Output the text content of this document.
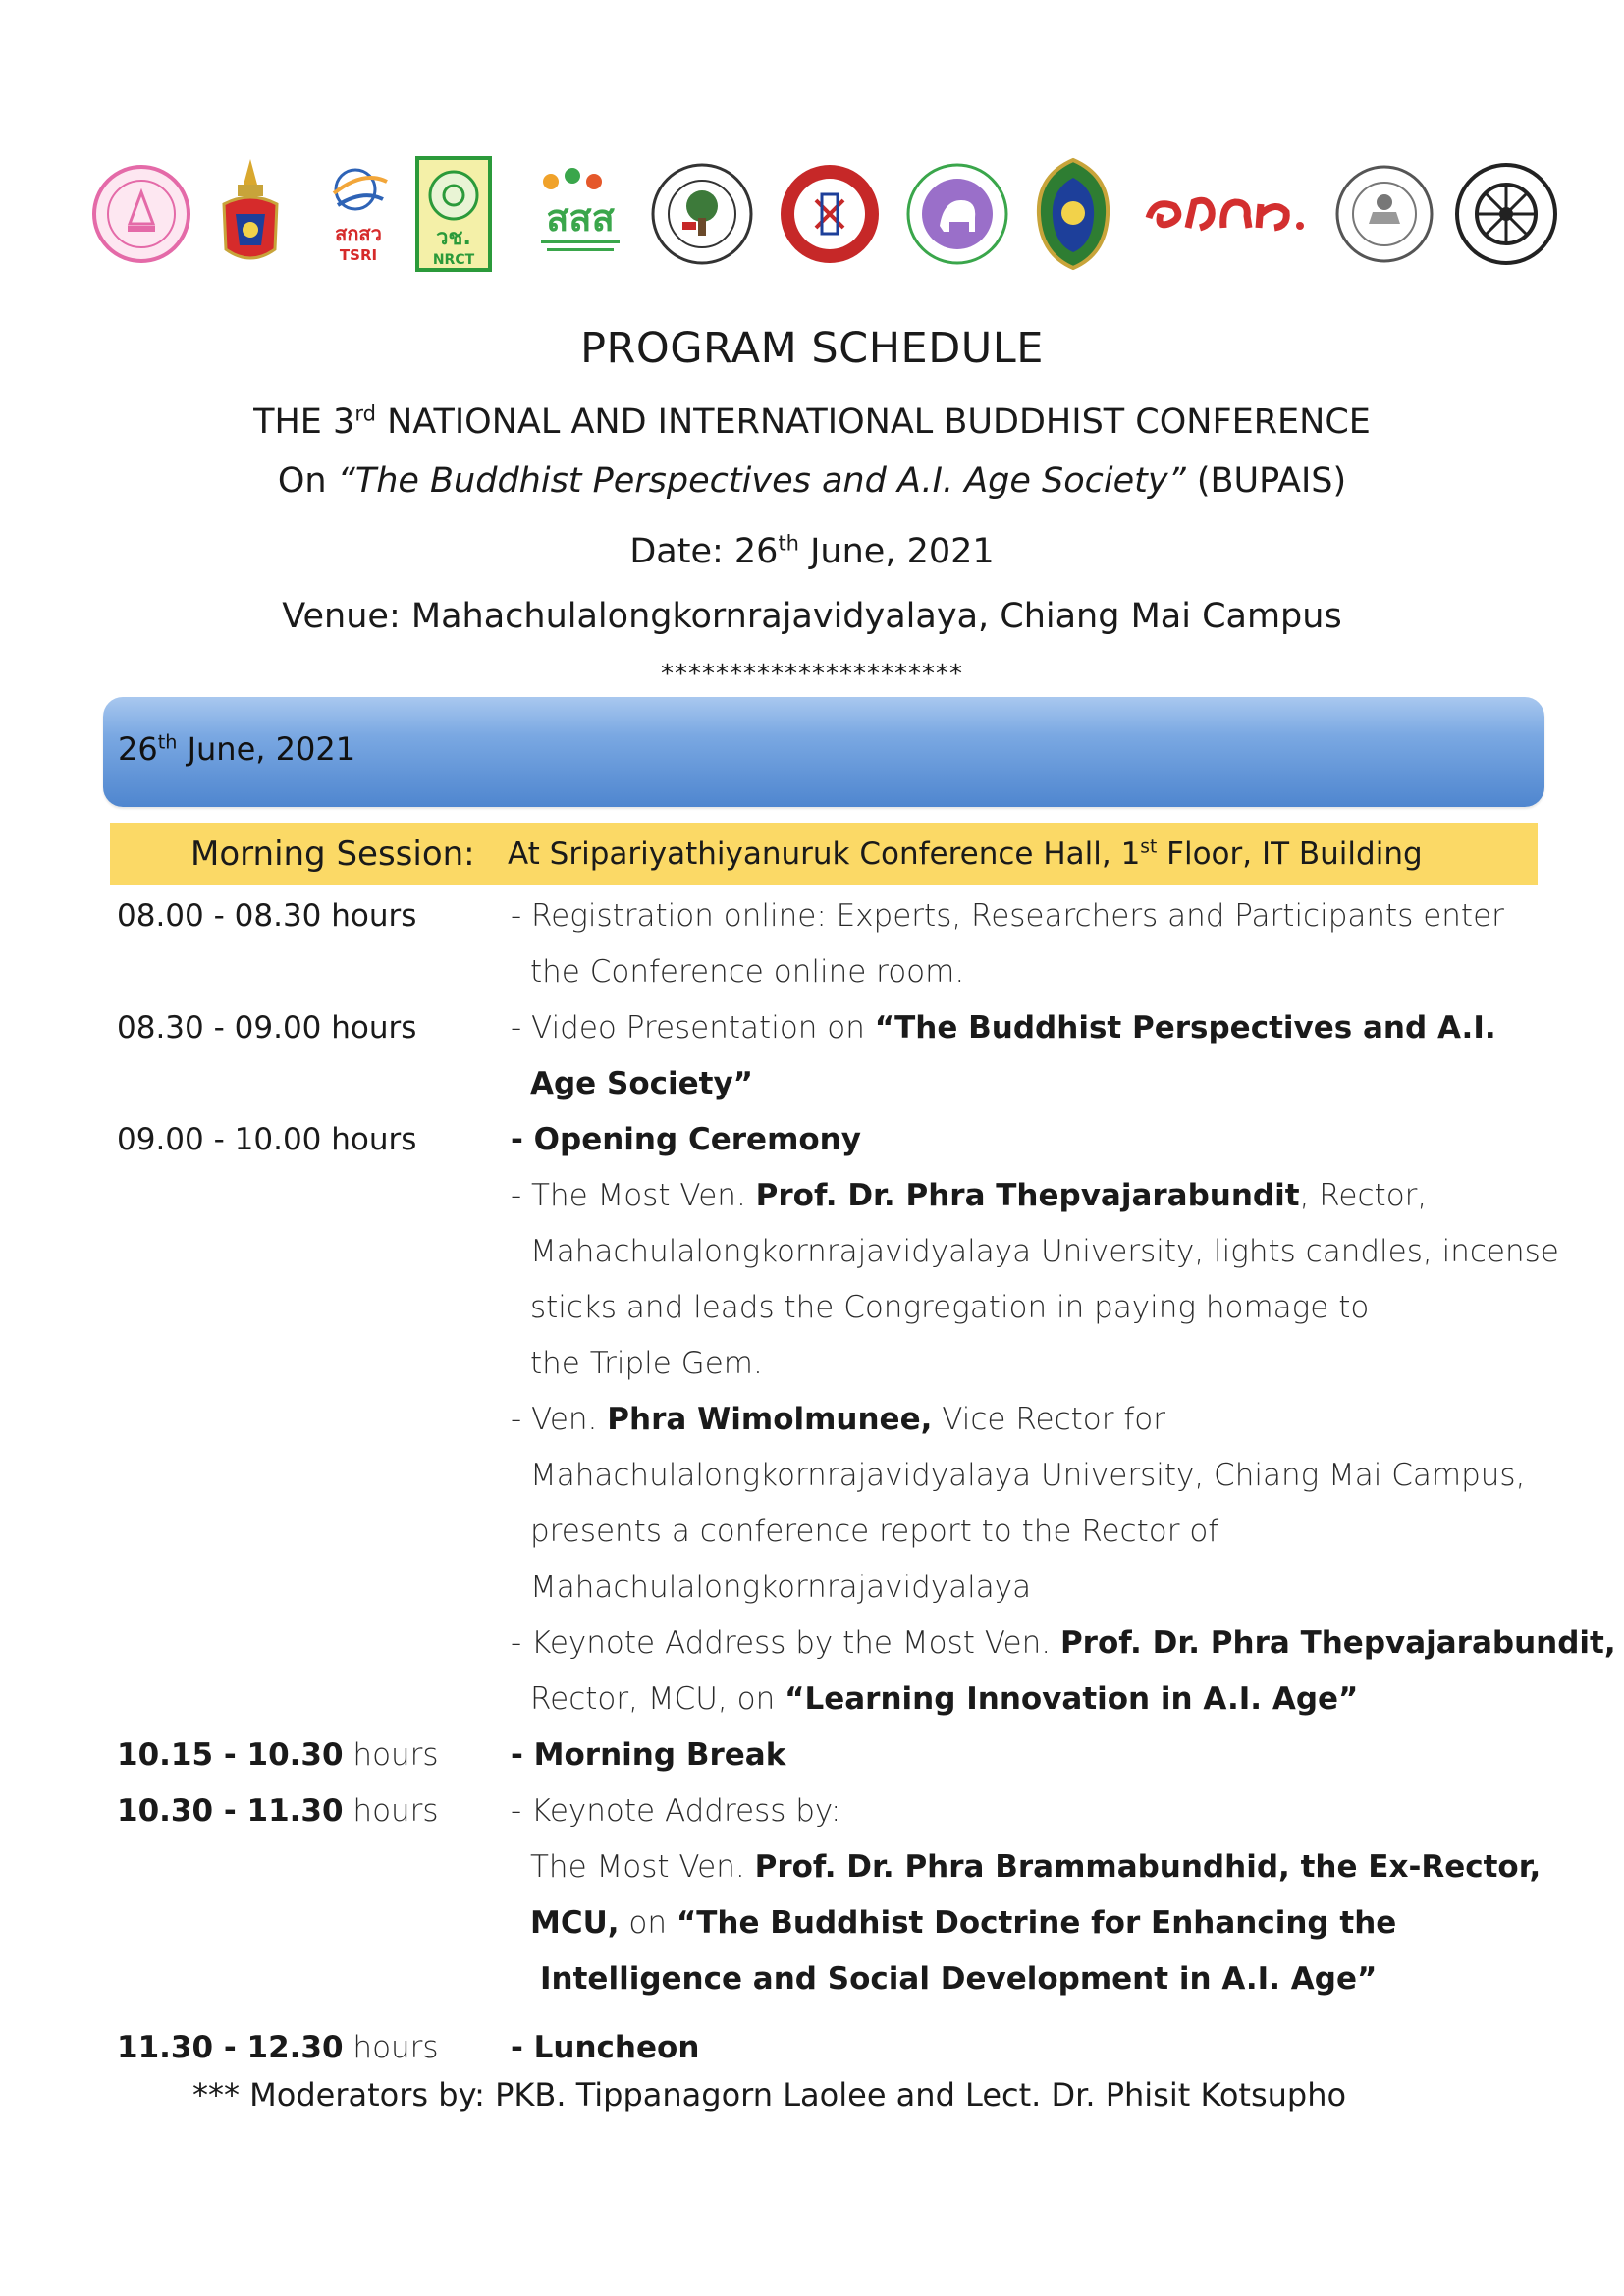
สกสว
TSRI
วช.
NRCT
สสส
PROGRAM SCHEDULE
THE 3rd NATIONAL AND INTERNATIONAL BUDDHIST CONFERENCE
On “The Buddhist Perspectives and A.I. Age Society” (BUPAIS)
Date: 26th June, 2021
Venue: Mahachulalongkornrajavidyalaya, Chiang Mai Campus
**********************
26th June, 2021
Morning Session: At Sripariyathiyanuruk Conference Hall, 1st Floor, IT Building
08.00 - 08.30 hours	- Registration online: Experts, Researchers and Participants enter
the Conference online room.
08.30 - 09.00 hours	- Video Presentation on “The Buddhist Perspectives and A.I.
Age Society”
09.00 - 10.00 hours	- Opening Ceremony
- The Most Ven. Prof. Dr. Phra Thepvajarabundit, Rector,
Mahachulalongkornrajavidyalaya University, lights candles, incense
sticks and leads the Congregation in paying homage to
the Triple Gem.
- Ven. Phra Wimolmunee, Vice Rector for
Mahachulalongkornrajavidyalaya University, Chiang Mai Campus,
presents a conference report to the Rector of
Mahachulalongkornrajavidyalaya
- Keynote Address by the Most Ven. Prof. Dr. Phra Thepvajarabundit,
Rector, MCU, on “Learning Innovation in A.I. Age”
10.15 - 10.30 hours - Morning Break
10.30 - 11.30 hours - Keynote Address by:
The Most Ven. Prof. Dr. Phra Brammabundhid, the Ex-Rector,
MCU, on “The Buddhist Doctrine for Enhancing the
Intelligence and Social Development in A.I. Age”
11.30 - 12.30 hours - Luncheon
*** Moderators by: PKB. Tippanagorn Laolee and Lect. Dr. Phisit Kotsupho
